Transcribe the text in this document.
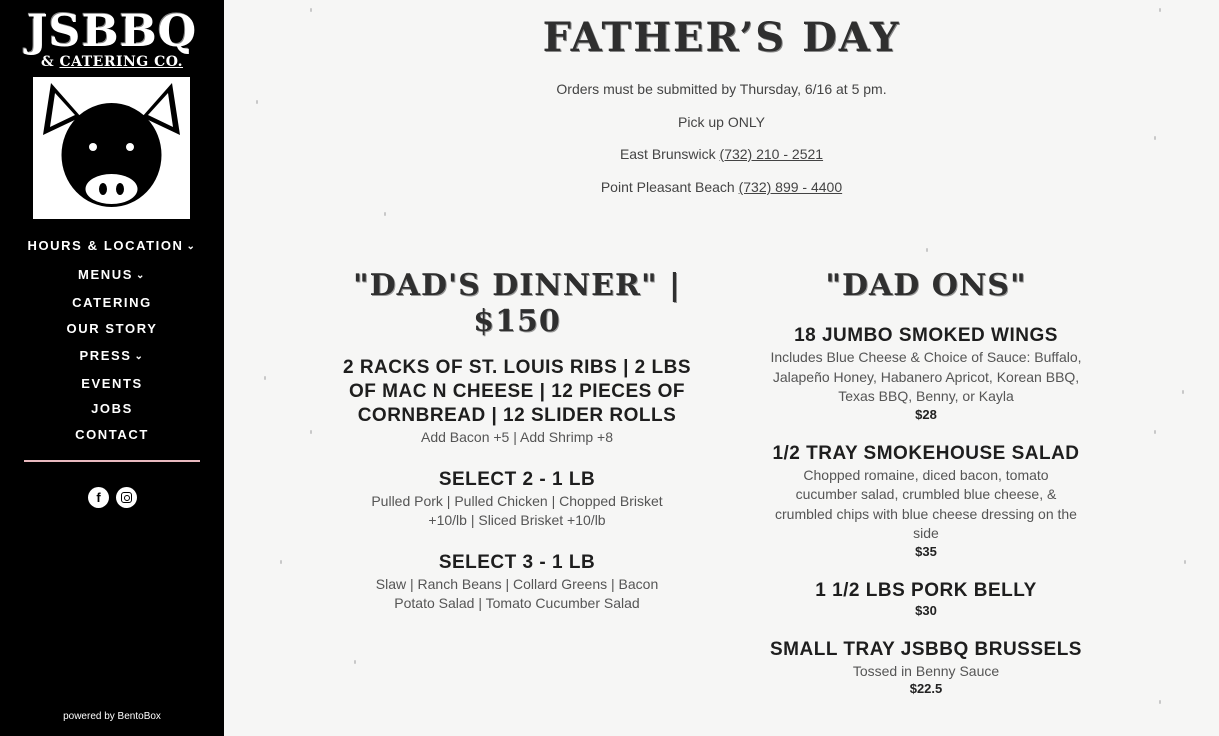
JSBBQ
& CATERING CO.
HOURS & LOCATION ⌄
MENUS ⌄
CATERING
OUR STORY
PRESS ⌄
EVENTS
JOBS
CONTACT
f
powered by BentoBox
FATHER’S DAY
Orders must be submitted by Thursday, 6/16 at 5 pm.
Pick up ONLY
East Brunswick (732) 210 - 2521
Point Pleasant Beach (732) 899 - 4400
"DAD'S DINNER" |
$150
2 RACKS OF ST. LOUIS RIBS | 2 LBS
OF MAC N CHEESE | 12 PIECES OF
CORNBREAD | 12 SLIDER ROLLS
Add Bacon +5 | Add Shrimp +8
SELECT 2 - 1 LB
Pulled Pork | Pulled Chicken | Chopped Brisket
+10/lb | Sliced Brisket +10/lb
SELECT 3 - 1 LB
Slaw | Ranch Beans | Collard Greens | Bacon
Potato Salad | Tomato Cucumber Salad
"DAD ONS"
18 JUMBO SMOKED WINGS
Includes Blue Cheese & Choice of Sauce: Buffalo,
Jalapeño Honey, Habanero Apricot, Korean BBQ,
Texas BBQ, Benny, or Kayla
$28
1/2 TRAY SMOKEHOUSE SALAD
Chopped romaine, diced bacon, tomato
cucumber salad, crumbled blue cheese, &
crumbled chips with blue cheese dressing on the
side
$35
1 1/2 LBS PORK BELLY
$30
SMALL TRAY JSBBQ BRUSSELS
Tossed in Benny Sauce
$22.5
